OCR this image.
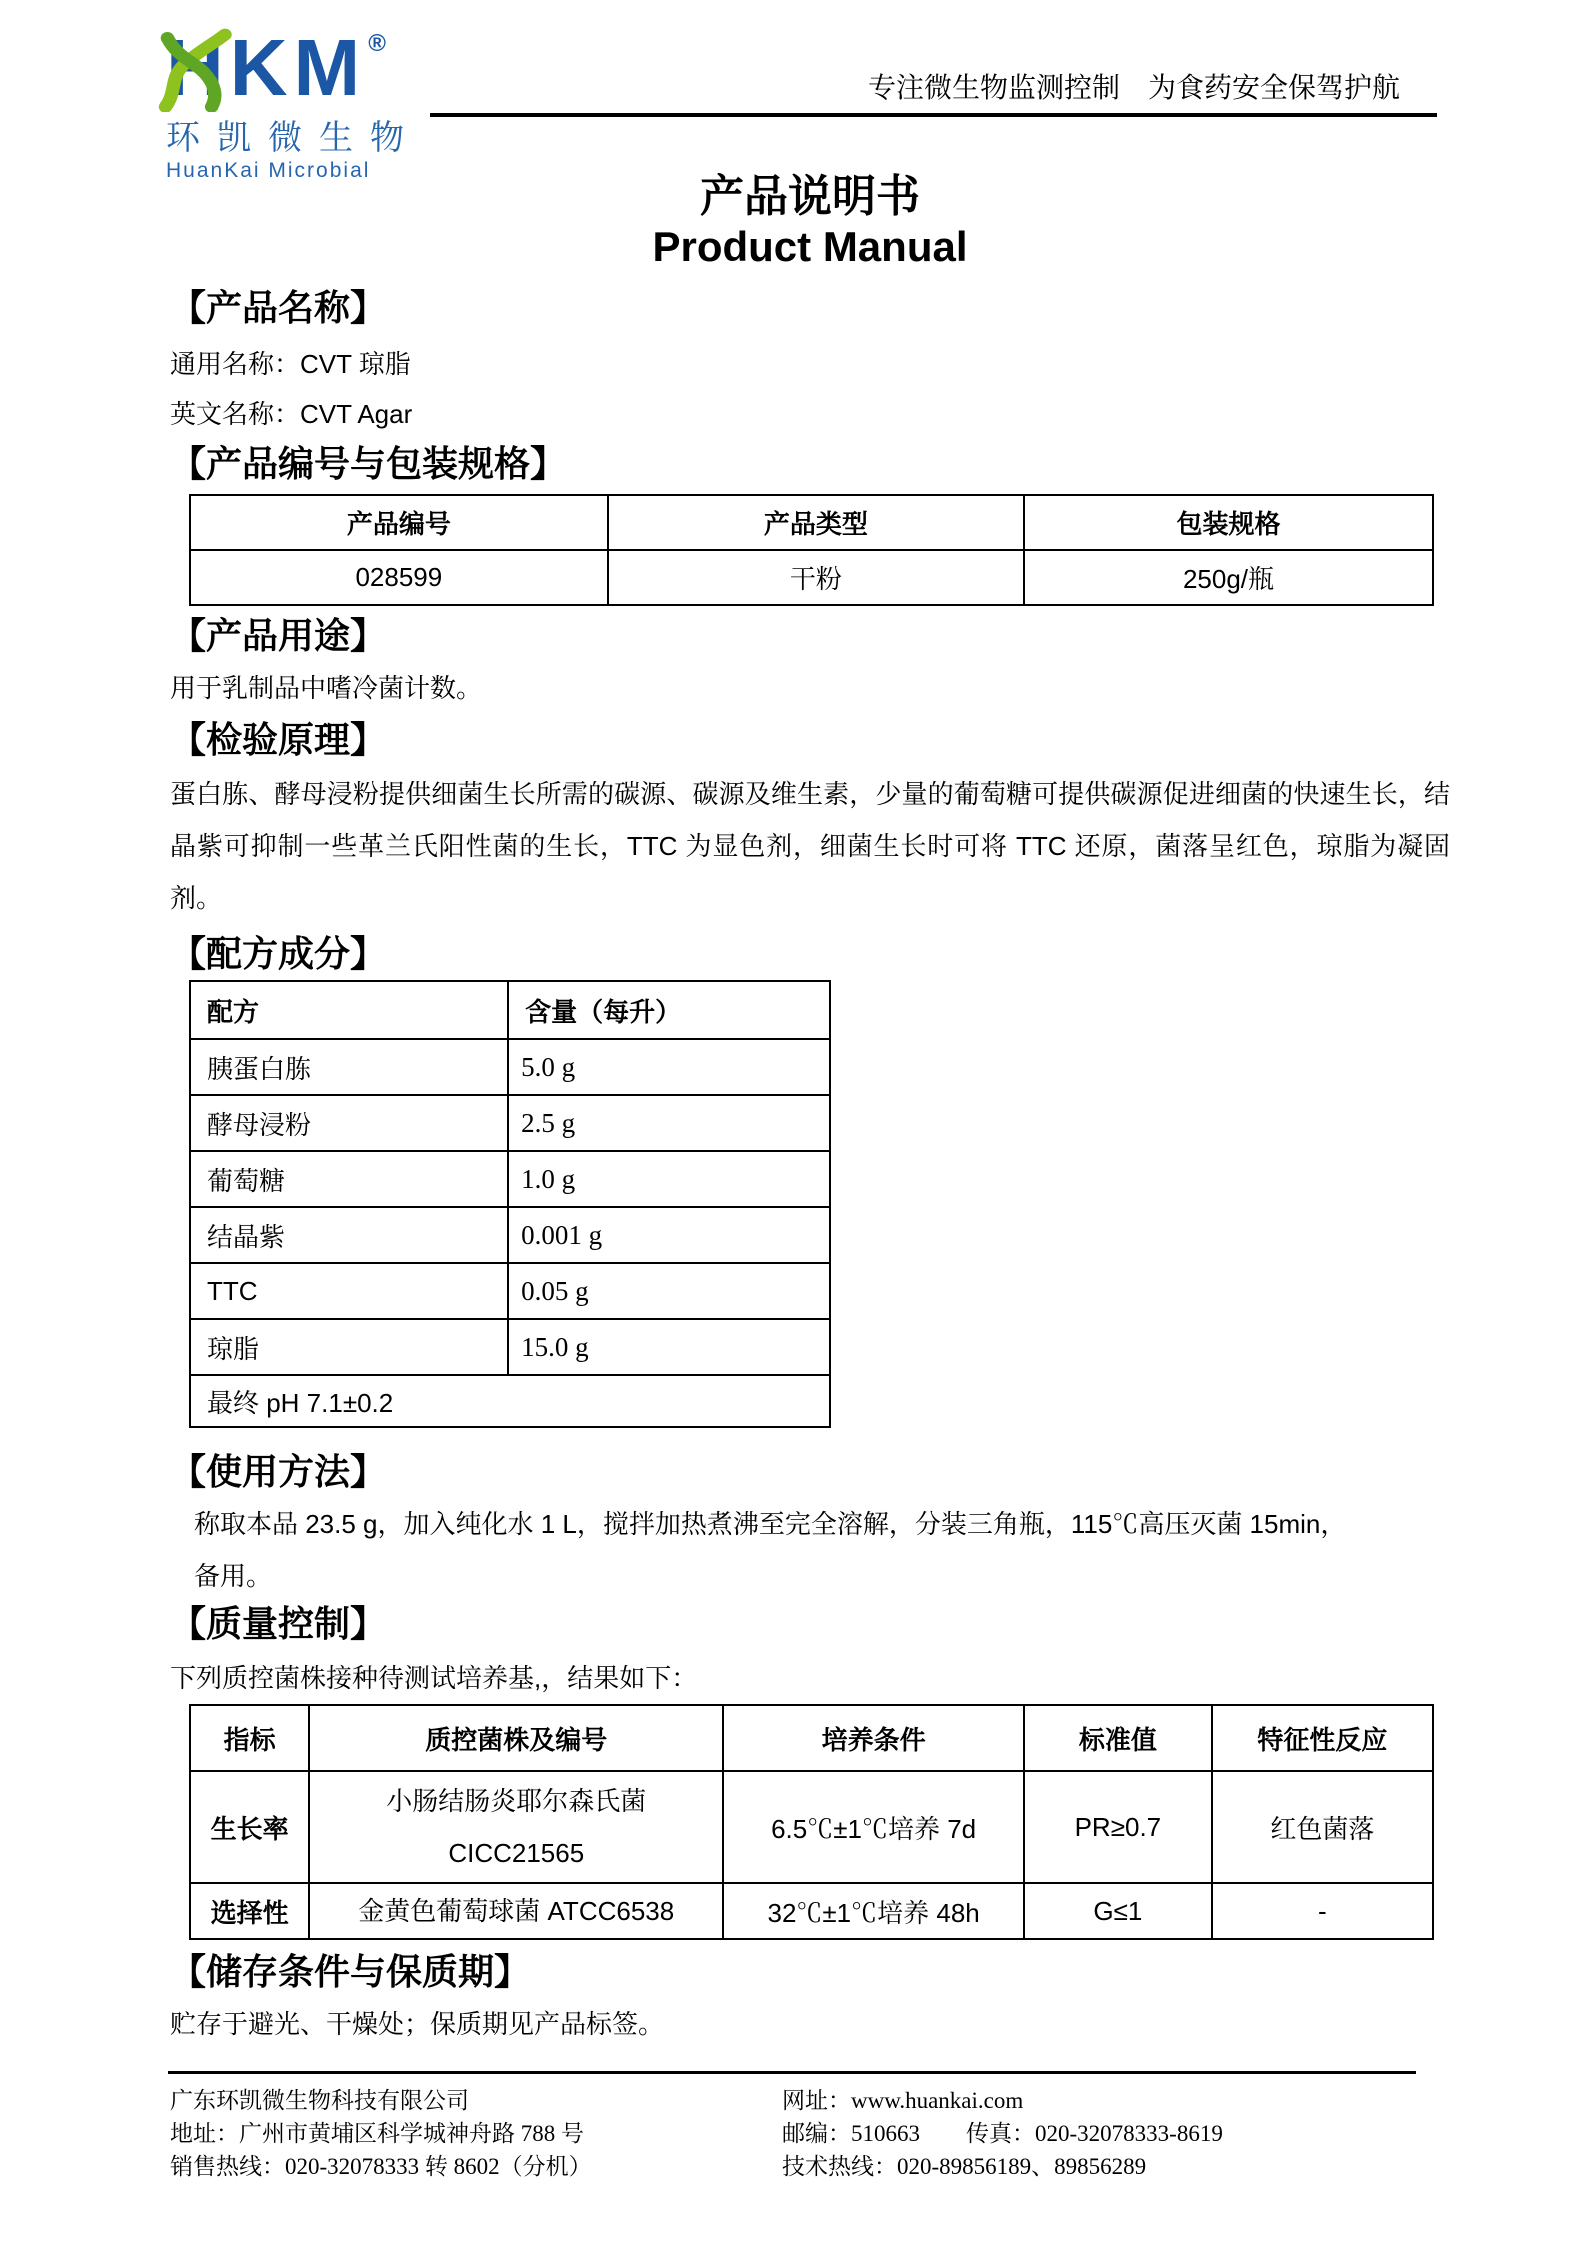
HKM®
环凯微生物
HuanKai Microbial
专注微生物监测控制　为食药安全保驾护航
产品说明书
Product Manual
【产品名称】

通用名称：CVT 琼脂

英文名称：CVT Agar

【产品编号与包装规格】
产品编号	产品类型	包装规格
028599	干粉	250g/瓶
【产品用途】

用于乳制品中嗜冷菌计数。

【检验原理】

蛋白胨、酵母浸粉提供细菌生长所需的碳源、碳源及维生素，少量的葡萄糖可提供碳源促进细菌的快速生长，结晶紫可抑制一些革兰氏阳性菌的生长，TTC 为显色剂，细菌生长时可将 TTC 还原，菌落呈红色，琼脂为凝固剂。

【配方成分】
配方	含量（每升）
胰蛋白胨	5.0 g
酵母浸粉	2.5 g
葡萄糖	1.0 g
结晶紫	0.001 g
TTC	0.05 g
琼脂	15.0 g
最终 pH 7.1±0.2	
【使用方法】
称取本品 23.5 g，加入纯化水 1 L，搅拌加热煮沸至完全溶解，分装三角瓶，115℃高压灭菌 15min，
备用。
【质量控制】

下列质控菌株接种待测试培养基,，结果如下：

指标	质控菌株及编号	培养条件	标准值	特征性反应
生长率	小肠结肠炎耶尔森氏菌
CICC21565	6.5℃±1℃培养 7d	PR≥0.7	红色菌落
选择性	金黄色葡萄球菌 ATCC6538	32℃±1℃培养 48h	G≤1	-
【储存条件与保质期】

贮存于避光、干燥处；保质期见产品标签。

广东环凯微生物科技有限公司
地址：广州市黄埔区科学城神舟路 788 号
销售热线：020-32078333 转 8602（分机）
网址：www.huankai.com
邮编：510663　　传真：020-32078333-8619
技术热线：020-89856189、89856289
